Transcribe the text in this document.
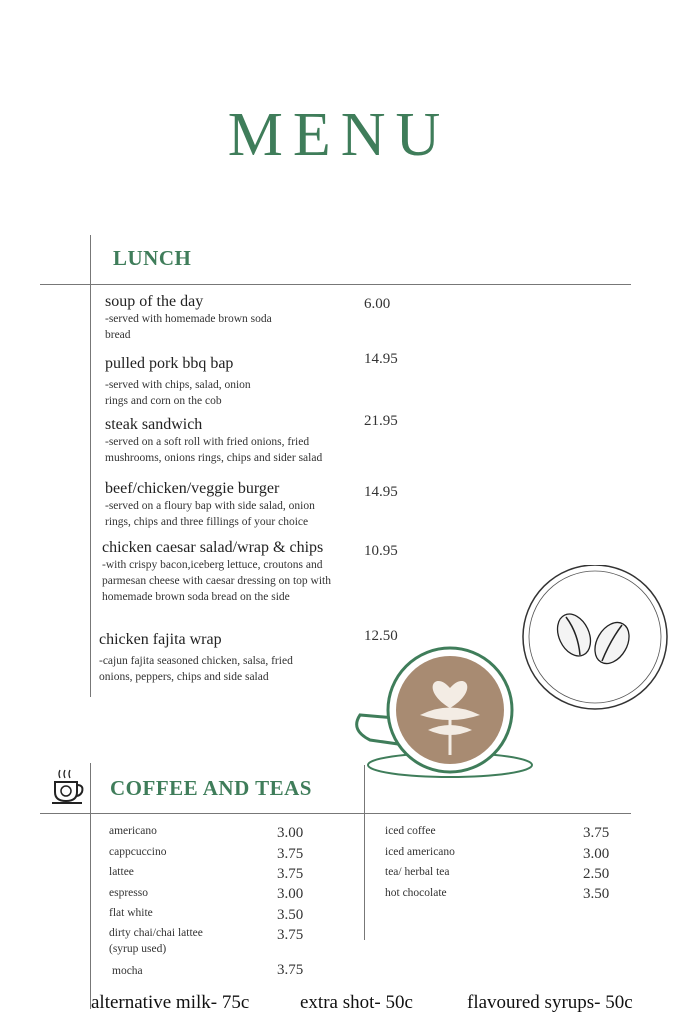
MENU
LUNCH
soup of the day
-served with homemade brown soda bread
6.00
pulled pork bbq bap
-served with chips, salad, onion rings and corn on the cob
14.95
steak sandwich
-served on a soft roll with fried onions, fried mushrooms, onions rings, chips and sider salad
21.95
beef/chicken/veggie burger
-served on a floury bap with side salad, onion rings, chips and three fillings of your choice
14.95
chicken caesar salad/wrap & chips
-with crispy bacon,iceberg lettuce, croutons and parmesan cheese with caesar dressing on top with homemade brown soda bread on the side
10.95
chicken fajita wrap
-cajun fajita seasoned chicken, salsa, fried onions, peppers, chips and side salad
12.50
COFFEE AND TEAS
americano	3.00
cappcuccino	3.75
lattee	3.75
espresso	3.00
flat white	3.50
dirty chai/chai lattee (syrup used)
3.75
mocha	3.75
iced coffee	3.75
iced americano	3.00
tea/ herbal tea	2.50
hot chocolate	3.50
alternative milk- 75c	extra shot- 50c	flavoured syrups- 50c
